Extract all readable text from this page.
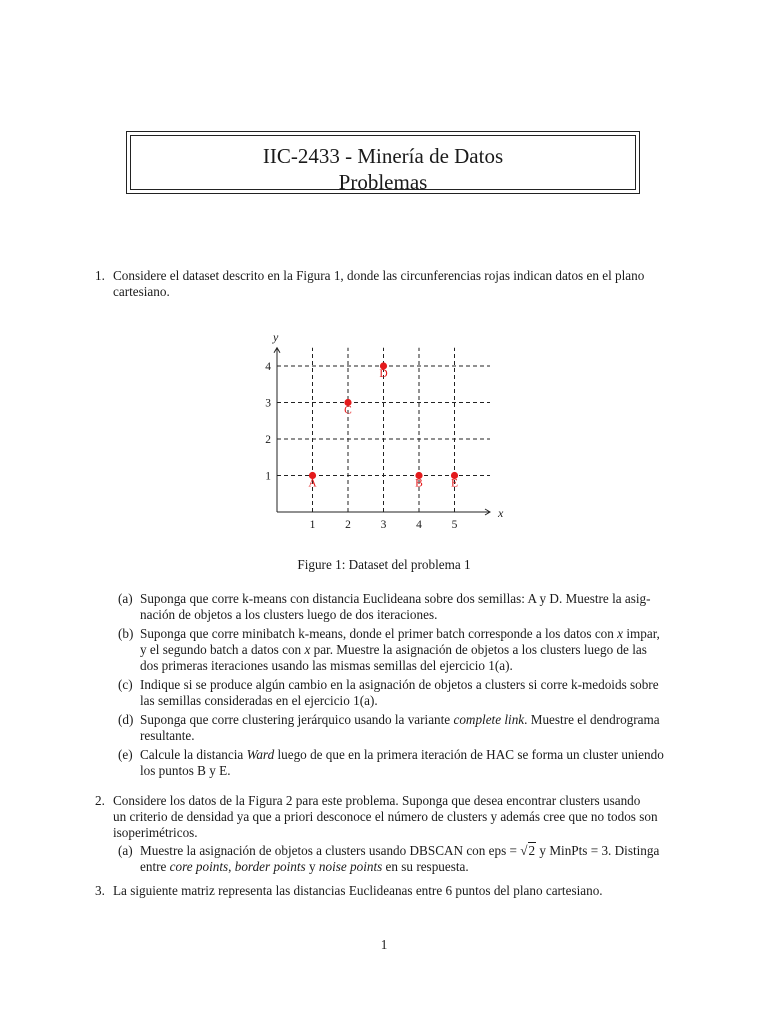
IIC-2433 - Minería de Datos
Problemas
1. Considere el dataset descrito en la Figura 1, donde las circunferencias rojas indican datos en el plano
cartesiano.
x
y
1	2	3	4	5
1
2
3
4
A	B
C
D
E
Figure 1: Dataset del problema 1
(a) Suponga que corre k-means con distancia Euclideana sobre dos semillas: A y D. Muestre la asig-
nación de objetos a los clusters luego de dos iteraciones.
(b) Suponga que corre minibatch k-means, donde el primer batch corresponde a los datos con x impar,
y el segundo batch a datos con x par. Muestre la asignación de objetos a los clusters luego de las
dos primeras iteraciones usando las mismas semillas del ejercicio 1(a).
(c) Indique si se produce algún cambio en la asignación de objetos a clusters si corre k-medoids sobre
las semillas consideradas en el ejercicio 1(a).
(d) Suponga que corre clustering jerárquico usando la variante complete link. Muestre el dendrograma
resultante.
(e) Calcule la distancia Ward luego de que en la primera iteración de HAC se forma un cluster uniendo
los puntos B y E.
2. Considere los datos de la Figura 2 para este problema. Suponga que desea encontrar clusters usando
un criterio de densidad ya que a priori desconoce el número de clusters y además cree que no todos son
isoperimétricos.
(a) Muestre la asignación de objetos a clusters usando DBSCAN con eps = √2 y MinPts = 3. Distinga
entre core points, border points y noise points en su respuesta.
3. La siguiente matriz representa las distancias Euclideanas entre 6 puntos del plano cartesiano.
1
